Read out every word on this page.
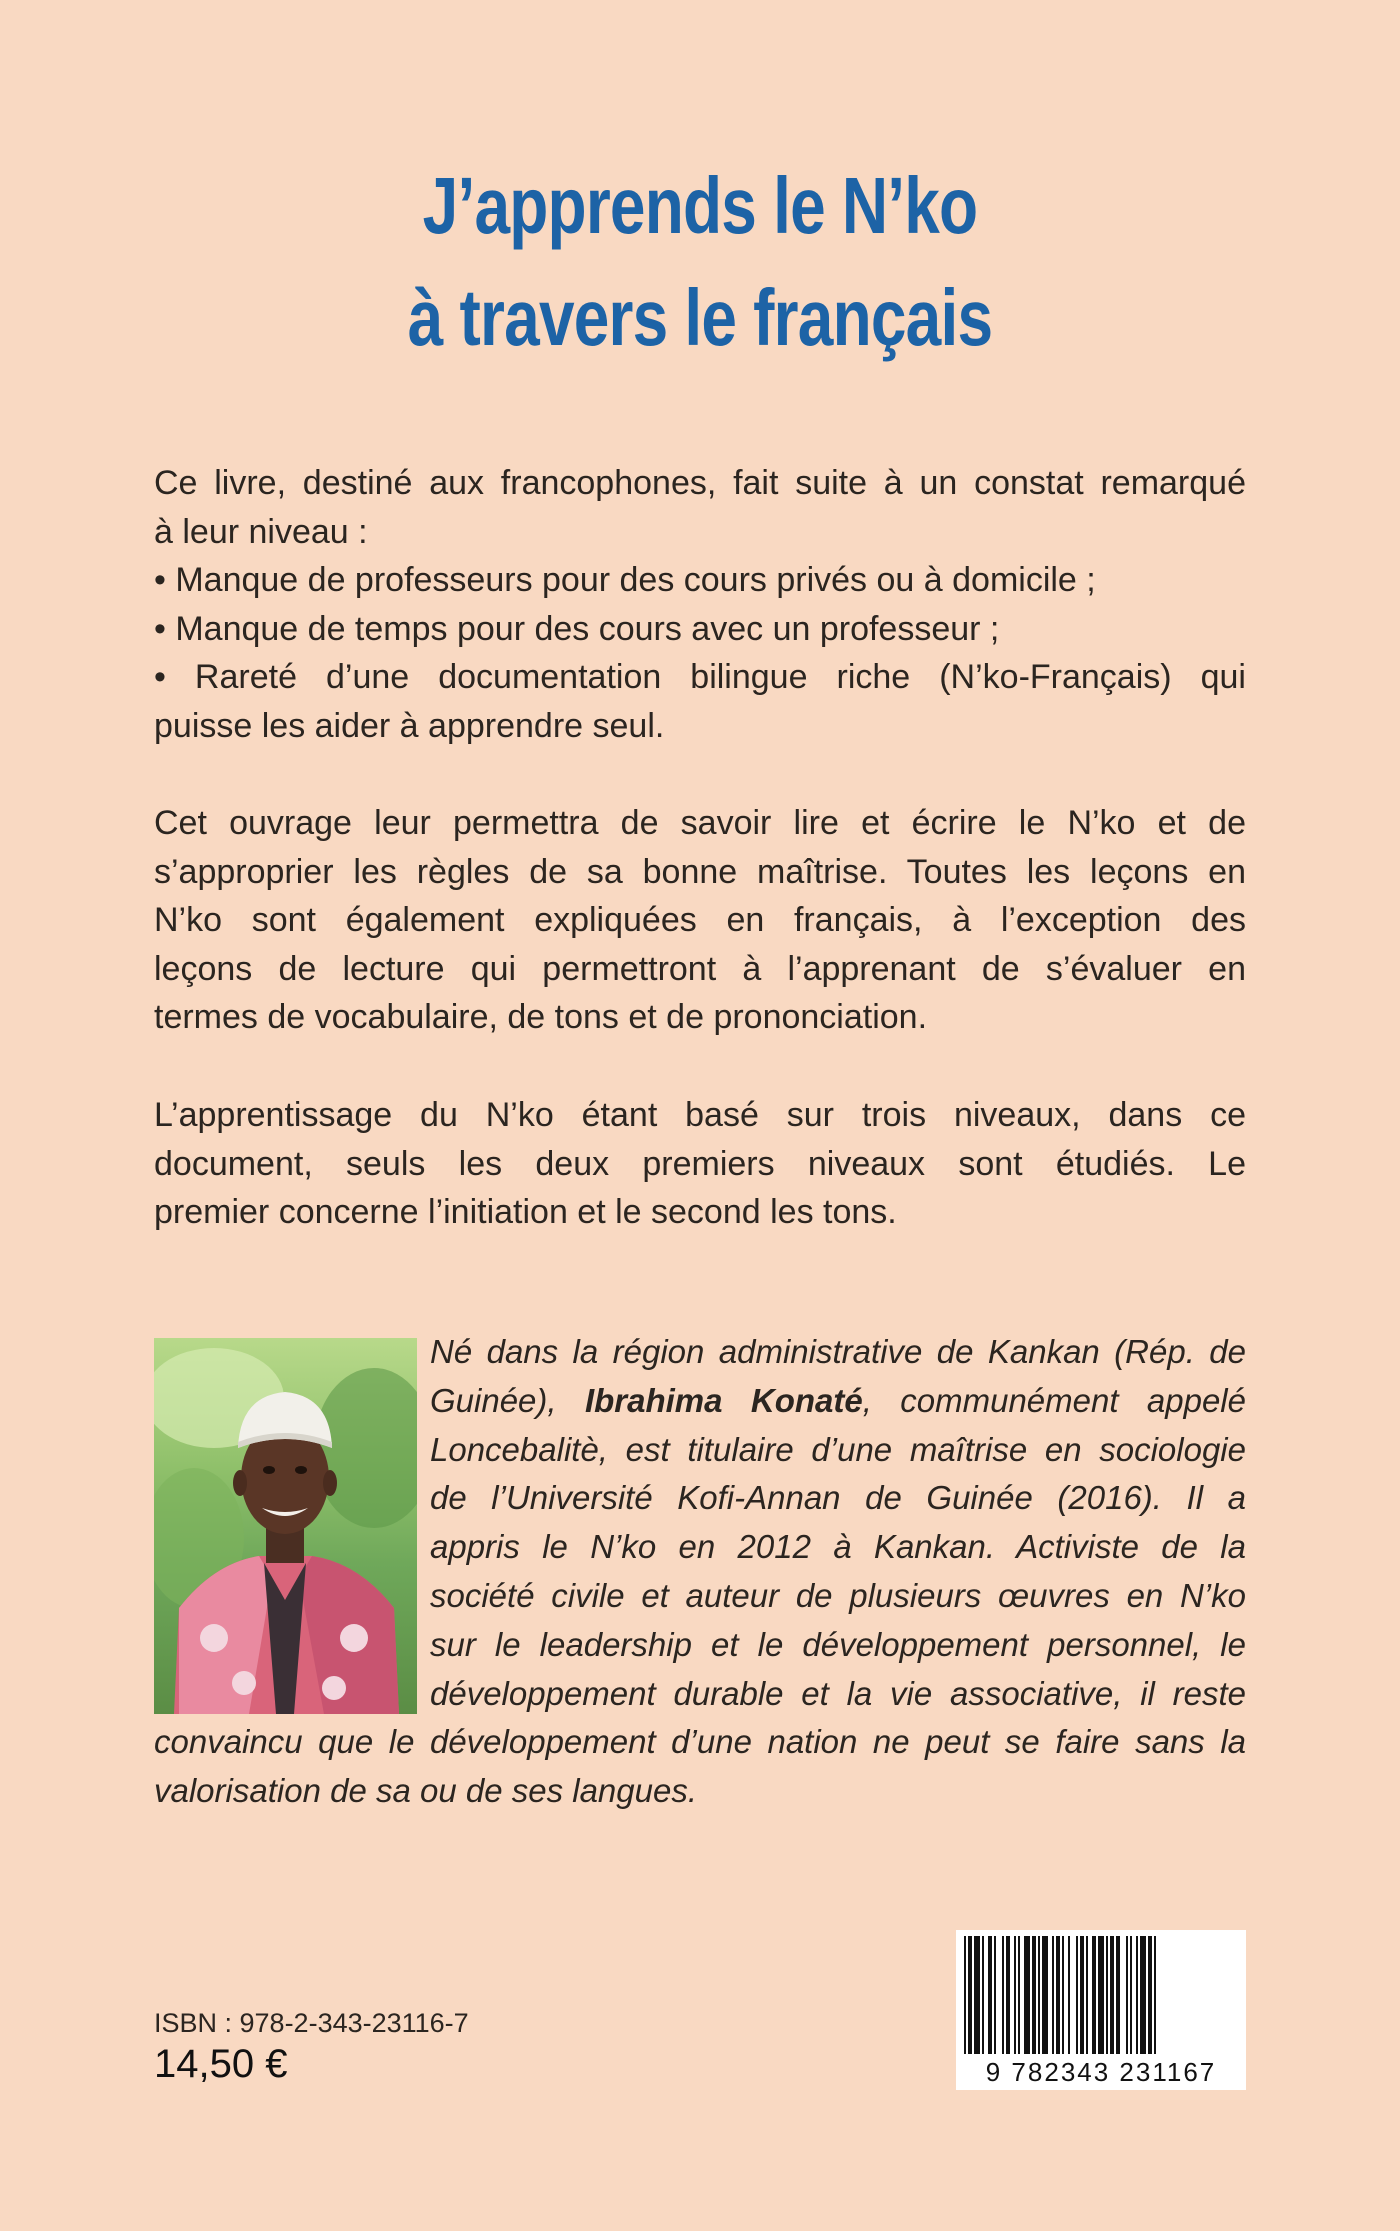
J’apprends le N’ko
à travers le français
Ce livre, destiné aux francophones, fait suite à un constat remarqué
à leur niveau :
• Manque de professeurs pour des cours privés ou à domicile ;
• Manque de temps pour des cours avec un professeur ;
• Rareté d’une documentation bilingue riche (N’ko-Français) qui
puisse les aider à apprendre seul.
Cet ouvrage leur permettra de savoir lire et écrire le N’ko et de
s’approprier les règles de sa bonne maîtrise. Toutes les leçons en
N’ko sont également expliquées en français, à l’exception des
leçons de lecture qui permettront à l’apprenant de s’évaluer en
termes de vocabulaire, de tons et de prononciation.
L’apprentissage du N’ko étant basé sur trois niveaux, dans ce
document, seuls les deux premiers niveaux sont étudiés. Le
premier concerne l’initiation et le second les tons.
Né dans la région administrative de Kankan (Rép. de
Guinée), Ibrahima Konaté, communément appelé
Loncebalitè, est titulaire d’une maîtrise en sociologie
de l’Université Kofi-Annan de Guinée (2016). Il a
appris le N’ko en 2012 à Kankan. Activiste de la
société civile et auteur de plusieurs œuvres en N’ko
sur le leadership et le développement personnel, le
développement durable et la vie associative, il reste
convaincu que le développement d’une nation ne peut se faire sans la
valorisation de sa ou de ses langues.
ISBN : 978-2-343-23116-7
14,50 €	9 782343 231167
